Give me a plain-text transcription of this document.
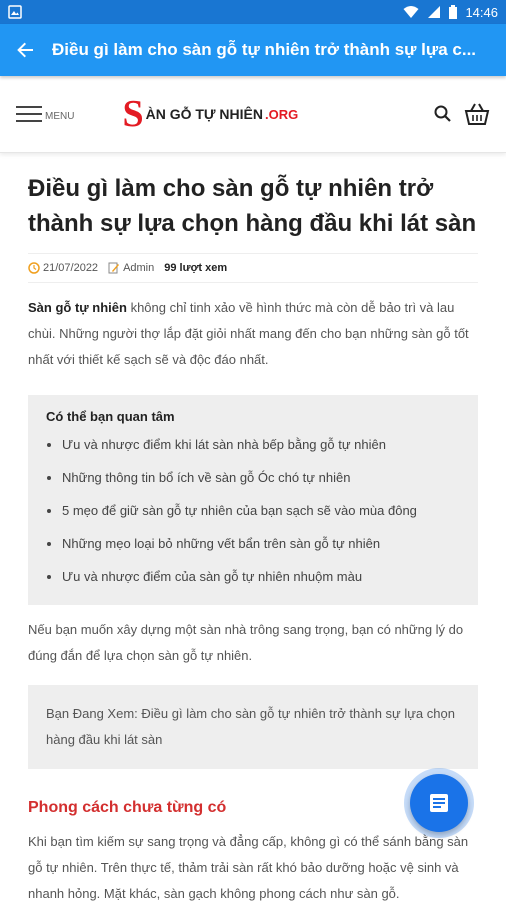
14:46
Điều gì làm cho sàn gỗ tự nhiên trở thành sự lựa c...
MENU S ÀN GỖ TỰ NHIÊN .ORG
Điều gì làm cho sàn gỗ tự nhiên trở thành sự lựa chọn hàng đầu khi lát sàn
21/07/2022 Admin 99 lượt xem

Sàn gỗ tự nhiên không chỉ tinh xảo về hình thức mà còn dễ bảo trì và lau chùi. Những người thợ lắp đặt giỏi nhất mang đến cho bạn những sàn gỗ tốt nhất với thiết kế sạch sẽ và độc đáo nhất.

Có thể bạn quan tâm
• Ưu và nhược điểm khi lát sàn nhà bếp bằng gỗ tự nhiên
• Những thông tin bổ ích về sàn gỗ Óc chó tự nhiên
• 5 mẹo để giữ sàn gỗ tự nhiên của bạn sạch sẽ vào mùa đông
• Những mẹo loại bỏ những vết bẩn trên sàn gỗ tự nhiên
• Ưu và nhược điểm của sàn gỗ tự nhiên nhuộm màu

Nếu bạn muốn xây dựng một sàn nhà trông sang trọng, bạn có những lý do đúng đắn để lựa chọn sàn gỗ tự nhiên.

Bạn Đang Xem: Điều gì làm cho sàn gỗ tự nhiên trở thành sự lựa chọn hàng đầu khi lát sàn
Phong cách chưa từng có

Khi bạn tìm kiếm sự sang trọng và đẳng cấp, không gì có thể sánh bằng sàn gỗ tự nhiên. Trên thực tế, thảm trải sàn rất khó bảo dưỡng hoặc vệ sinh và nhanh hỏng. Mặt khác, sàn gạch không phong cách như sàn gỗ.
